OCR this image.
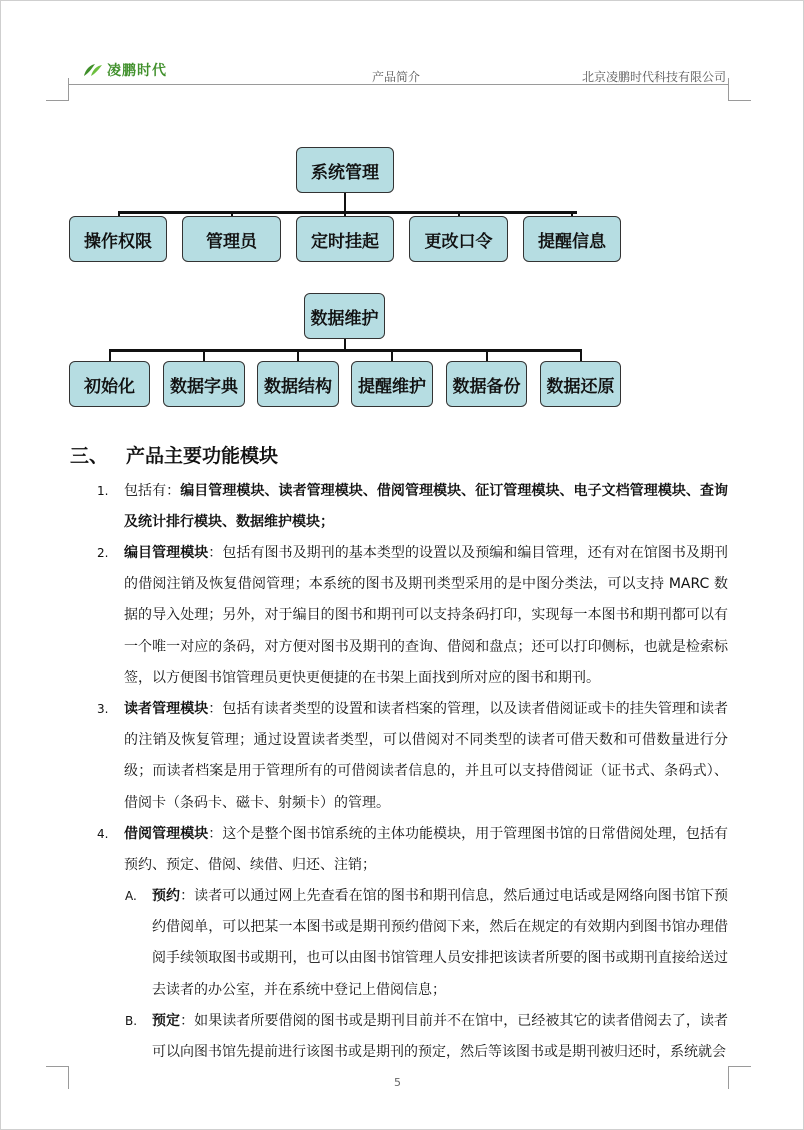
凌鹏时代	产品简介	北京凌鹏时代科技有限公司
系统管理
操作权限	管理员	定时挂起	更改口令	提醒信息
数据维护
初始化	数据字典	数据结构	提醒维护	数据备份	数据还原
三、 产品主要功能模块
1. 包括有：编目管理模块、读者管理模块、借阅管理模块、征订管理模块、电子文档管理模块、查询及统计排行模块、数据维护模块；
2. 编目管理模块：包括有图书及期刊的基本类型的设置以及预编和编目管理，还有对在馆图书及期刊的借阅注销及恢复借阅管理；本系统的图书及期刊类型采用的是中图分类法，可以支持 MARC 数据的导入处理；另外，对于编目的图书和期刊可以支持条码打印，实现每一本图书和期刊都可以有一个唯一对应的条码，对方便对图书及期刊的查询、借阅和盘点；还可以打印侧标，也就是检索标签，以方便图书馆管理员更快更便捷的在书架上面找到所对应的图书和期刊。
3. 读者管理模块：包括有读者类型的设置和读者档案的管理，以及读者借阅证或卡的挂失管理和读者的注销及恢复管理；通过设置读者类型，可以借阅对不同类型的读者可借天数和可借数量进行分级；而读者档案是用于管理所有的可借阅读者信息的，并且可以支持借阅证（证书式、条码式）、借阅卡（条码卡、磁卡、射频卡）的管理。
4. 借阅管理模块：这个是整个图书馆系统的主体功能模块，用于管理图书馆的日常借阅处理，包括有预约、预定、借阅、续借、归还、注销；
A. 预约：读者可以通过网上先查看在馆的图书和期刊信息，然后通过电话或是网络向图书馆下预约借阅单，可以把某一本图书或是期刊预约借阅下来，然后在规定的有效期内到图书馆办理借阅手续领取图书或期刊，也可以由图书馆管理人员安排把该读者所要的图书或期刊直接给送过去读者的办公室，并在系统中登记上借阅信息；
B. 预定：如果读者所要借阅的图书或是期刊目前并不在馆中，已经被其它的读者借阅去了，读者可以向图书馆先提前进行该图书或是期刊的预定，然后等该图书或是期刊被归还时，系统就会
5
